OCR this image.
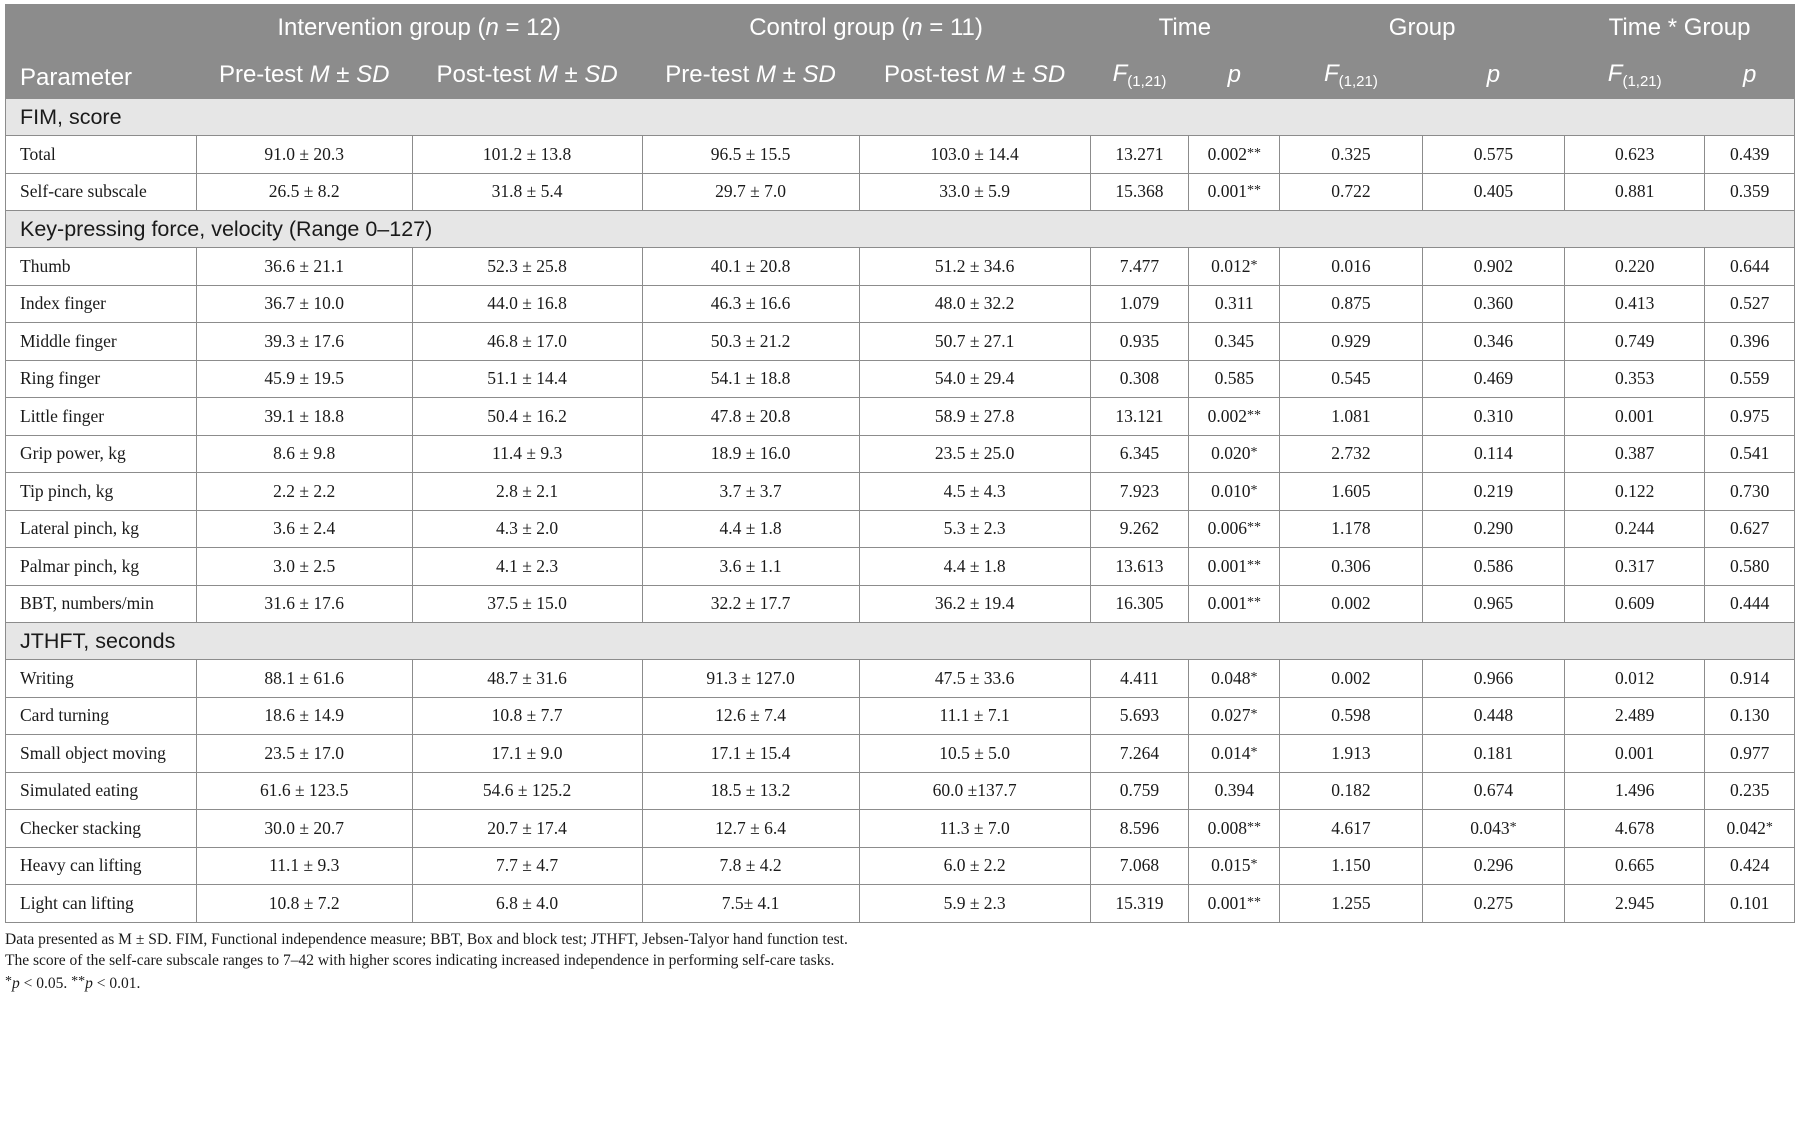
	Intervention group (n = 12)		Control group (n = 11)		Time		Group		Time * Group	
Parameter	Pre-test M ± SD	Post-test M ± SD	Pre-test M ± SD	Post-test M ± SD	$F_{(1,21)}$	p	$F_{(1,21)}$	p	$F_{(1,21)}$	p
FIM, score										
Total	91.0 ± 20.3	101.2 ± 13.8	96.5 ± 15.5	103.0 ± 14.4	13.271	0.002**	0.325	0.575	0.623	0.439
Self-care subscale	26.5 ± 8.2	31.8 ± 5.4	29.7 ± 7.0	33.0 ± 5.9	15.368	0.001**	0.722	0.405	0.881	0.359
Key-pressing force, velocity (Range 0–127)										
Thumb	36.6 ± 21.1	52.3 ± 25.8	40.1 ± 20.8	51.2 ± 34.6	7.477	0.012*	0.016	0.902	0.220	0.644
Index finger	36.7 ± 10.0	44.0 ± 16.8	46.3 ± 16.6	48.0 ± 32.2	1.079	0.311	0.875	0.360	0.413	0.527
Middle finger	39.3 ± 17.6	46.8 ± 17.0	50.3 ± 21.2	50.7 ± 27.1	0.935	0.345	0.929	0.346	0.749	0.396
Ring finger	45.9 ± 19.5	51.1 ± 14.4	54.1 ± 18.8	54.0 ± 29.4	0.308	0.585	0.545	0.469	0.353	0.559
Little finger	39.1 ± 18.8	50.4 ± 16.2	47.8 ± 20.8	58.9 ± 27.8	13.121	0.002**	1.081	0.310	0.001	0.975
Grip power, kg	8.6 ± 9.8	11.4 ± 9.3	18.9 ± 16.0	23.5 ± 25.0	6.345	0.020*	2.732	0.114	0.387	0.541
Tip pinch, kg	2.2 ± 2.2	2.8 ± 2.1	3.7 ± 3.7	4.5 ± 4.3	7.923	0.010*	1.605	0.219	0.122	0.730
Lateral pinch, kg	3.6 ± 2.4	4.3 ± 2.0	4.4 ± 1.8	5.3 ± 2.3	9.262	0.006**	1.178	0.290	0.244	0.627
Palmar pinch, kg	3.0 ± 2.5	4.1 ± 2.3	3.6 ± 1.1	4.4 ± 1.8	13.613	0.001**	0.306	0.586	0.317	0.580
BBT, numbers/min	31.6 ± 17.6	37.5 ± 15.0	32.2 ± 17.7	36.2 ± 19.4	16.305	0.001**	0.002	0.965	0.609	0.444
JTHFT, seconds										
Writing	88.1 ± 61.6	48.7 ± 31.6	91.3 ± 127.0	47.5 ± 33.6	4.411	0.048*	0.002	0.966	0.012	0.914
Card turning	18.6 ± 14.9	10.8 ± 7.7	12.6 ± 7.4	11.1 ± 7.1	5.693	0.027*	0.598	0.448	2.489	0.130
Small object moving	23.5 ± 17.0	17.1 ± 9.0	17.1 ± 15.4	10.5 ± 5.0	7.264	0.014*	1.913	0.181	0.001	0.977
Simulated eating	61.6 ± 123.5	54.6 ± 125.2	18.5 ± 13.2	60.0 ±137.7	0.759	0.394	0.182	0.674	1.496	0.235
Checker stacking	30.0 ± 20.7	20.7 ± 17.4	12.7 ± 6.4	11.3 ± 7.0	8.596	0.008**	4.617	0.043*	4.678	0.042*
Heavy can lifting	11.1 ± 9.3	7.7 ± 4.7	7.8 ± 4.2	6.0 ± 2.2	7.068	0.015*	1.150	0.296	0.665	0.424
Light can lifting	10.8 ± 7.2	6.8 ± 4.0	7.5± 4.1	5.9 ± 2.3	15.319	0.001**	1.255	0.275	2.945	0.101
Data presented as M ± SD. FIM, Functional independence measure; BBT, Box and block test; JTHFT, Jebsen-Talyor hand function test.
The score of the self-care subscale ranges to 7–42 with higher scores indicating increased independence in performing self-care tasks.
*p < 0.05. **p < 0.01.
